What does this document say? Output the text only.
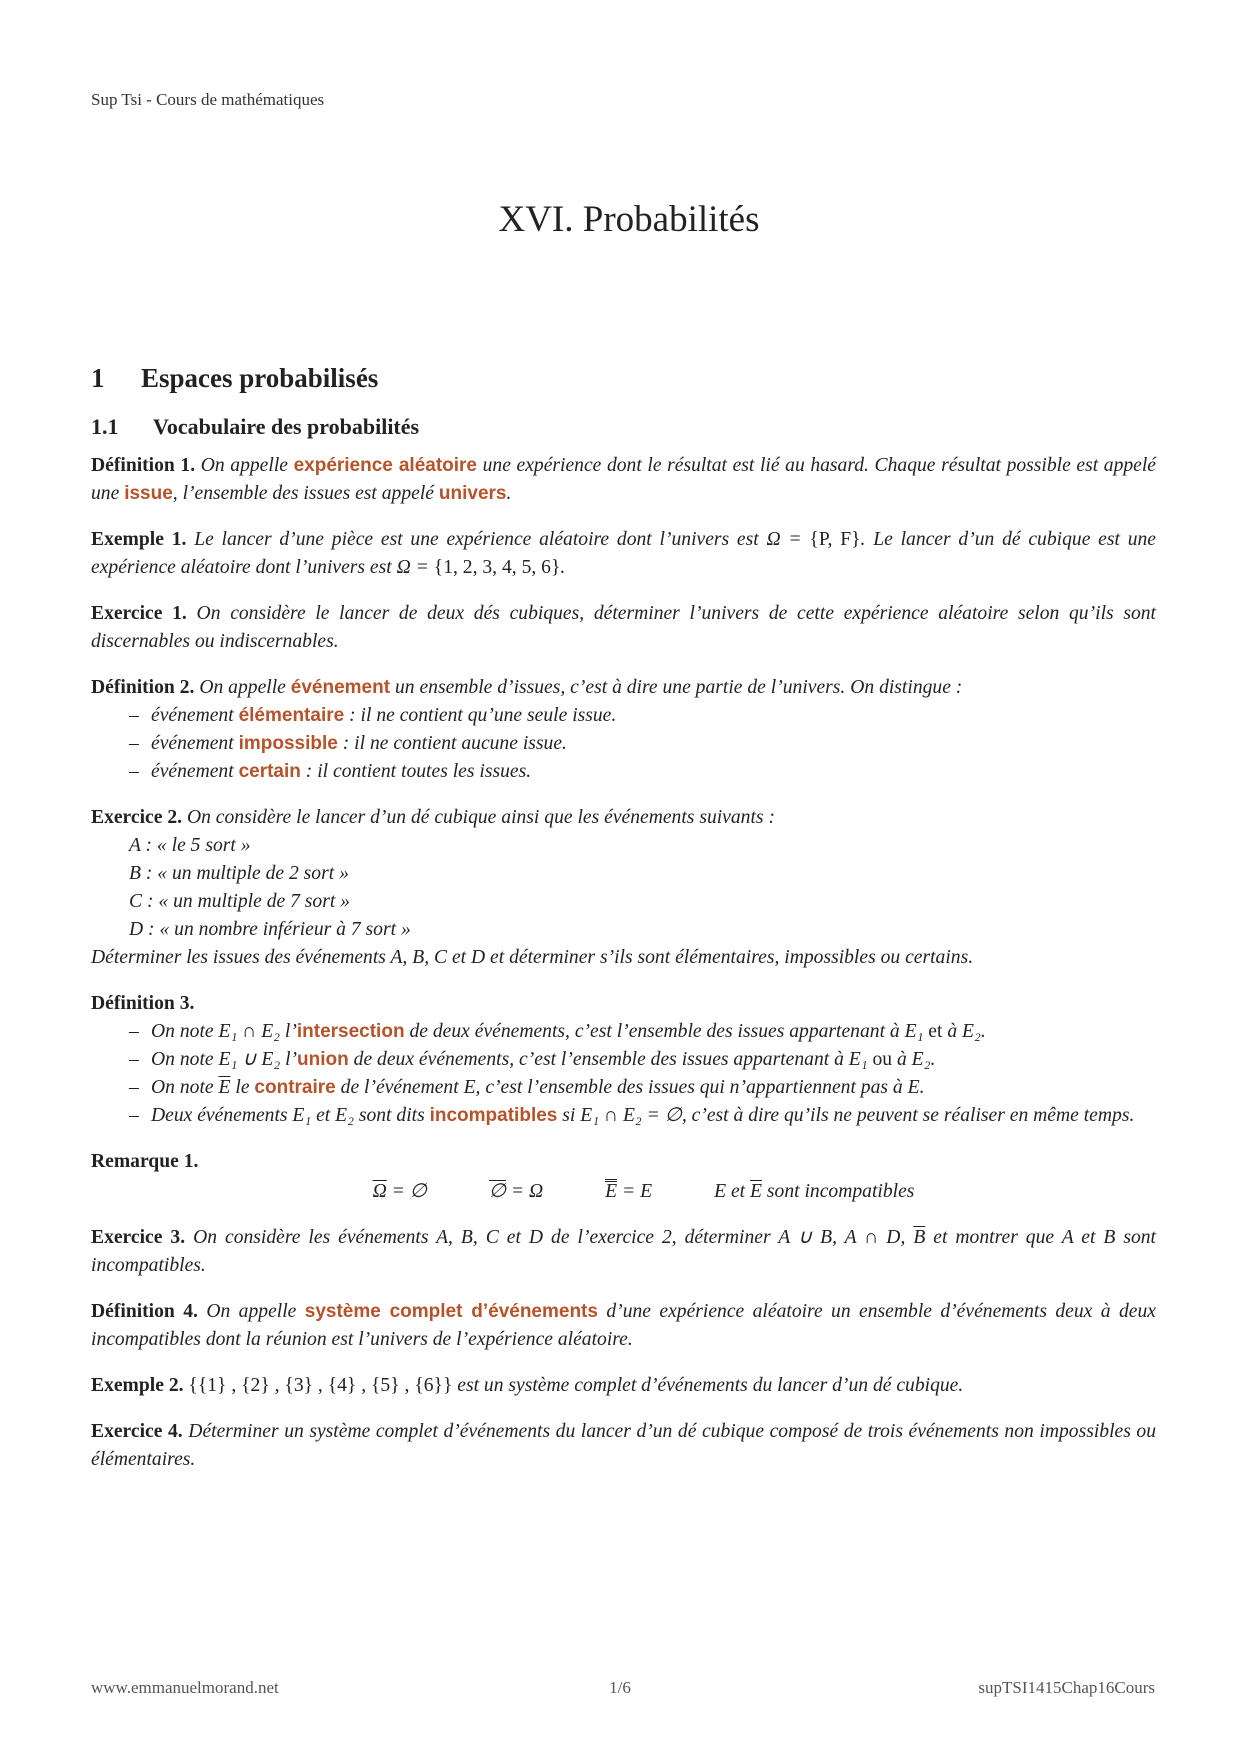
Sup Tsi - Cours de mathématiques
XVI. Probabilités
1 Espaces probabilisés
1.1 Vocabulaire des probabilités
Définition 1. On appelle expérience aléatoire une expérience dont le résultat est lié au hasard. Chaque résultat possible est appelé une issue, l’ensemble des issues est appelé univers.
Exemple 1. Le lancer d’une pièce est une expérience aléatoire dont l’univers est Ω = {P, F}. Le lancer d’un dé cubique est une expérience aléatoire dont l’univers est Ω = {1, 2, 3, 4, 5, 6}.
Exercice 1. On considère le lancer de deux dés cubiques, déterminer l’univers de cette expérience aléatoire selon qu’ils sont discernables ou indiscernables.
Définition 2. On appelle événement un ensemble d’issues, c’est à dire une partie de l’univers. On distingue :
– événement élémentaire : il ne contient qu’une seule issue.
– événement impossible : il ne contient aucune issue.
– événement certain : il contient toutes les issues.
Exercice 2. On considère le lancer d’un dé cubique ainsi que les événements suivants :
A : « le 5 sort »
B : « un multiple de 2 sort »
C : « un multiple de 7 sort »
D : « un nombre inférieur à 7 sort »
Déterminer les issues des événements A, B, C et D et déterminer s’ils sont élémentaires, impossibles ou certains.
Définition 3.
– On note E₁ ∩ E₂ l’intersection de deux événements, c’est l’ensemble des issues appartenant à E₁ et à E₂.
– On note E₁ ∪ E₂ l’union de deux événements, c’est l’ensemble des issues appartenant à E₁ ou à E₂.
– On note $\overline{E}$ le contraire de l’événement E, c’est l’ensemble des issues qui n’appartiennent pas à E.
– Deux événements E₁ et E₂ sont dits incompatibles si E₁ ∩ E₂ = ∅, c’est à dire qu’ils ne peuvent se réaliser en même temps.
Remarque 1.
$\overline{\Omega}$ = ∅	∅ = Ω	E = E	E et $\overline{E}$ sont incompatibles
Exercice 3. On considère les événements A, B, C et D de l’exercice 2, déterminer A ∪ B, A ∩ D, $\overline{B}$ et montrer que A et B sont incompatibles.
Définition 4. On appelle système complet d’événements d’une expérience aléatoire un ensemble d’événements deux à deux incompatibles dont la réunion est l’univers de l’expérience aléatoire.
Exemple 2. {{1} , {2} , {3} , {4} , {5} , {6}} est un système complet d’événements du lancer d’un dé cubique.
Exercice 4. Déterminer un système complet d’événements du lancer d’un dé cubique composé de trois événements non impossibles ou élémentaires.
www.emmanuelmorand.net	1/6	supTSI1415Chap16Cours
